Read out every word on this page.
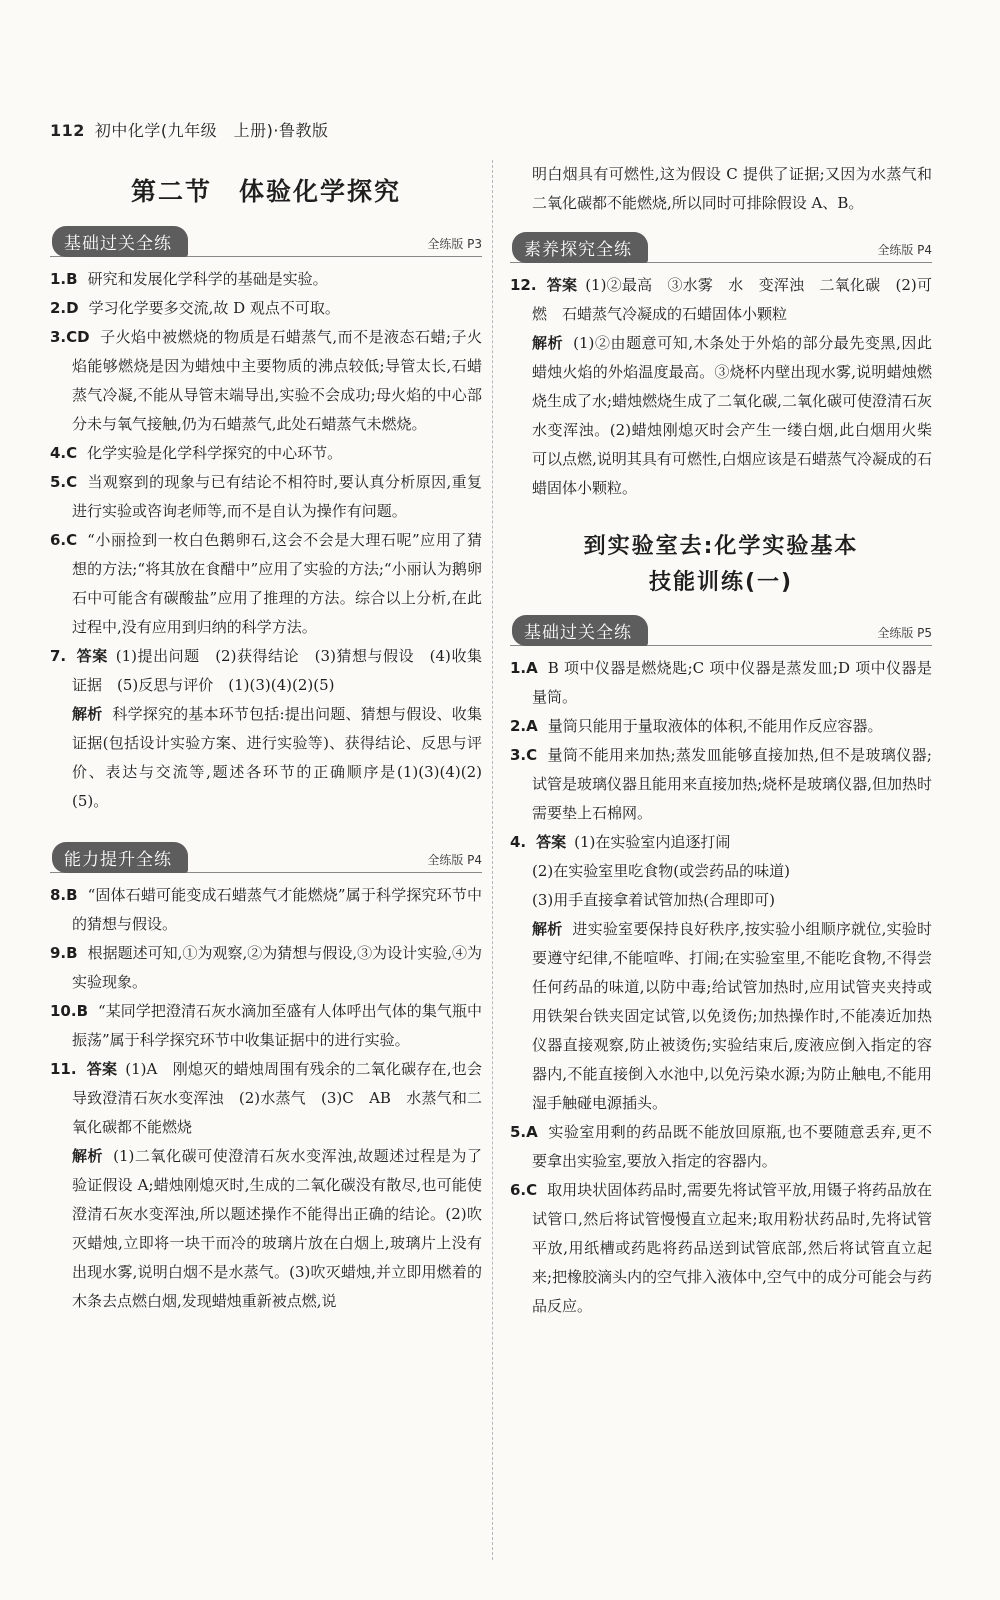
112 初中化学(九年级　上册)·鲁教版
第二节　体验化学探究
基础过关全练	全练版 P3
1.B 研究和发展化学科学的基础是实验。
2.D 学习化学要多交流,故 D 观点不可取。
3.CD 子火焰中被燃烧的物质是石蜡蒸气,而不是液态石蜡;子火焰能够燃烧是因为蜡烛中主要物质的沸点较低;导管太长,石蜡蒸气冷凝,不能从导管末端导出,实验不会成功;母火焰的中心部分未与氧气接触,仍为石蜡蒸气,此处石蜡蒸气未燃烧。
4.C 化学实验是化学科学探究的中心环节。
5.C 当观察到的现象与已有结论不相符时,要认真分析原因,重复进行实验或咨询老师等,而不是自认为操作有问题。
6.C “小丽捡到一枚白色鹅卵石,这会不会是大理石呢”应用了猜想的方法;“将其放在食醋中”应用了实验的方法;“小丽认为鹅卵石中可能含有碳酸盐”应用了推理的方法。综合以上分析,在此过程中,没有应用到归纳的科学方法。
7. 答案 (1)提出问题　(2)获得结论　(3)猜想与假设　(4)收集证据　(5)反思与评价　(1)(3)(4)(2)(5)
解析 科学探究的基本环节包括:提出问题、猜想与假设、收集证据(包括设计实验方案、进行实验等)、获得结论、反思与评价、表达与交流等,题述各环节的正确顺序是(1)(3)(4)(2)(5)。
能力提升全练	全练版 P4
8.B “固体石蜡可能变成石蜡蒸气才能燃烧”属于科学探究环节中的猜想与假设。
9.B 根据题述可知,①为观察,②为猜想与假设,③为设计实验,④为实验现象。
10.B “某同学把澄清石灰水滴加至盛有人体呼出气体的集气瓶中振荡”属于科学探究环节中收集证据中的进行实验。
11. 答案 (1)A　刚熄灭的蜡烛周围有残余的二氧化碳存在,也会导致澄清石灰水变浑浊　(2)水蒸气　(3)C　AB　水蒸气和二氧化碳都不能燃烧
解析 (1)二氧化碳可使澄清石灰水变浑浊,故题述过程是为了验证假设 A;蜡烛刚熄灭时,生成的二氧化碳没有散尽,也可能使澄清石灰水变浑浊,所以题述操作不能得出正确的结论。(2)吹灭蜡烛,立即将一块干而冷的玻璃片放在白烟上,玻璃片上没有出现水雾,说明白烟不是水蒸气。(3)吹灭蜡烛,并立即用燃着的木条去点燃白烟,发现蜡烛重新被点燃,说
明白烟具有可燃性,这为假设 C 提供了证据;又因为水蒸气和二氧化碳都不能燃烧,所以同时可排除假设 A、B。
素养探究全练	全练版 P4
12. 答案 (1)②最高　③水雾　水　变浑浊　二氧化碳　(2)可燃　石蜡蒸气冷凝成的石蜡固体小颗粒
解析 (1)②由题意可知,木条处于外焰的部分最先变黑,因此蜡烛火焰的外焰温度最高。③烧杯内壁出现水雾,说明蜡烛燃烧生成了水;蜡烛燃烧生成了二氧化碳,二氧化碳可使澄清石灰水变浑浊。(2)蜡烛刚熄灭时会产生一缕白烟,此白烟用火柴可以点燃,说明其具有可燃性,白烟应该是石蜡蒸气冷凝成的石蜡固体小颗粒。
到实验室去:化学实验基本
技能训练(一)
基础过关全练	全练版 P5
1.A B 项中仪器是燃烧匙;C 项中仪器是蒸发皿;D 项中仪器是量筒。
2.A 量筒只能用于量取液体的体积,不能用作反应容器。
3.C 量筒不能用来加热;蒸发皿能够直接加热,但不是玻璃仪器;试管是玻璃仪器且能用来直接加热;烧杯是玻璃仪器,但加热时需要垫上石棉网。
4. 答案 (1)在实验室内追逐打闹
(2)在实验室里吃食物(或尝药品的味道)
(3)用手直接拿着试管加热(合理即可)
解析 进实验室要保持良好秩序,按实验小组顺序就位,实验时要遵守纪律,不能喧哗、打闹;在实验室里,不能吃食物,不得尝任何药品的味道,以防中毒;给试管加热时,应用试管夹夹持或用铁架台铁夹固定试管,以免烫伤;加热操作时,不能凑近加热仪器直接观察,防止被烫伤;实验结束后,废液应倒入指定的容器内,不能直接倒入水池中,以免污染水源;为防止触电,不能用湿手触碰电源插头。
5.A 实验室用剩的药品既不能放回原瓶,也不要随意丢弃,更不要拿出实验室,要放入指定的容器内。
6.C 取用块状固体药品时,需要先将试管平放,用镊子将药品放在试管口,然后将试管慢慢直立起来;取用粉状药品时,先将试管平放,用纸槽或药匙将药品送到试管底部,然后将试管直立起来;把橡胶滴头内的空气排入液体中,空气中的成分可能会与药品反应。
